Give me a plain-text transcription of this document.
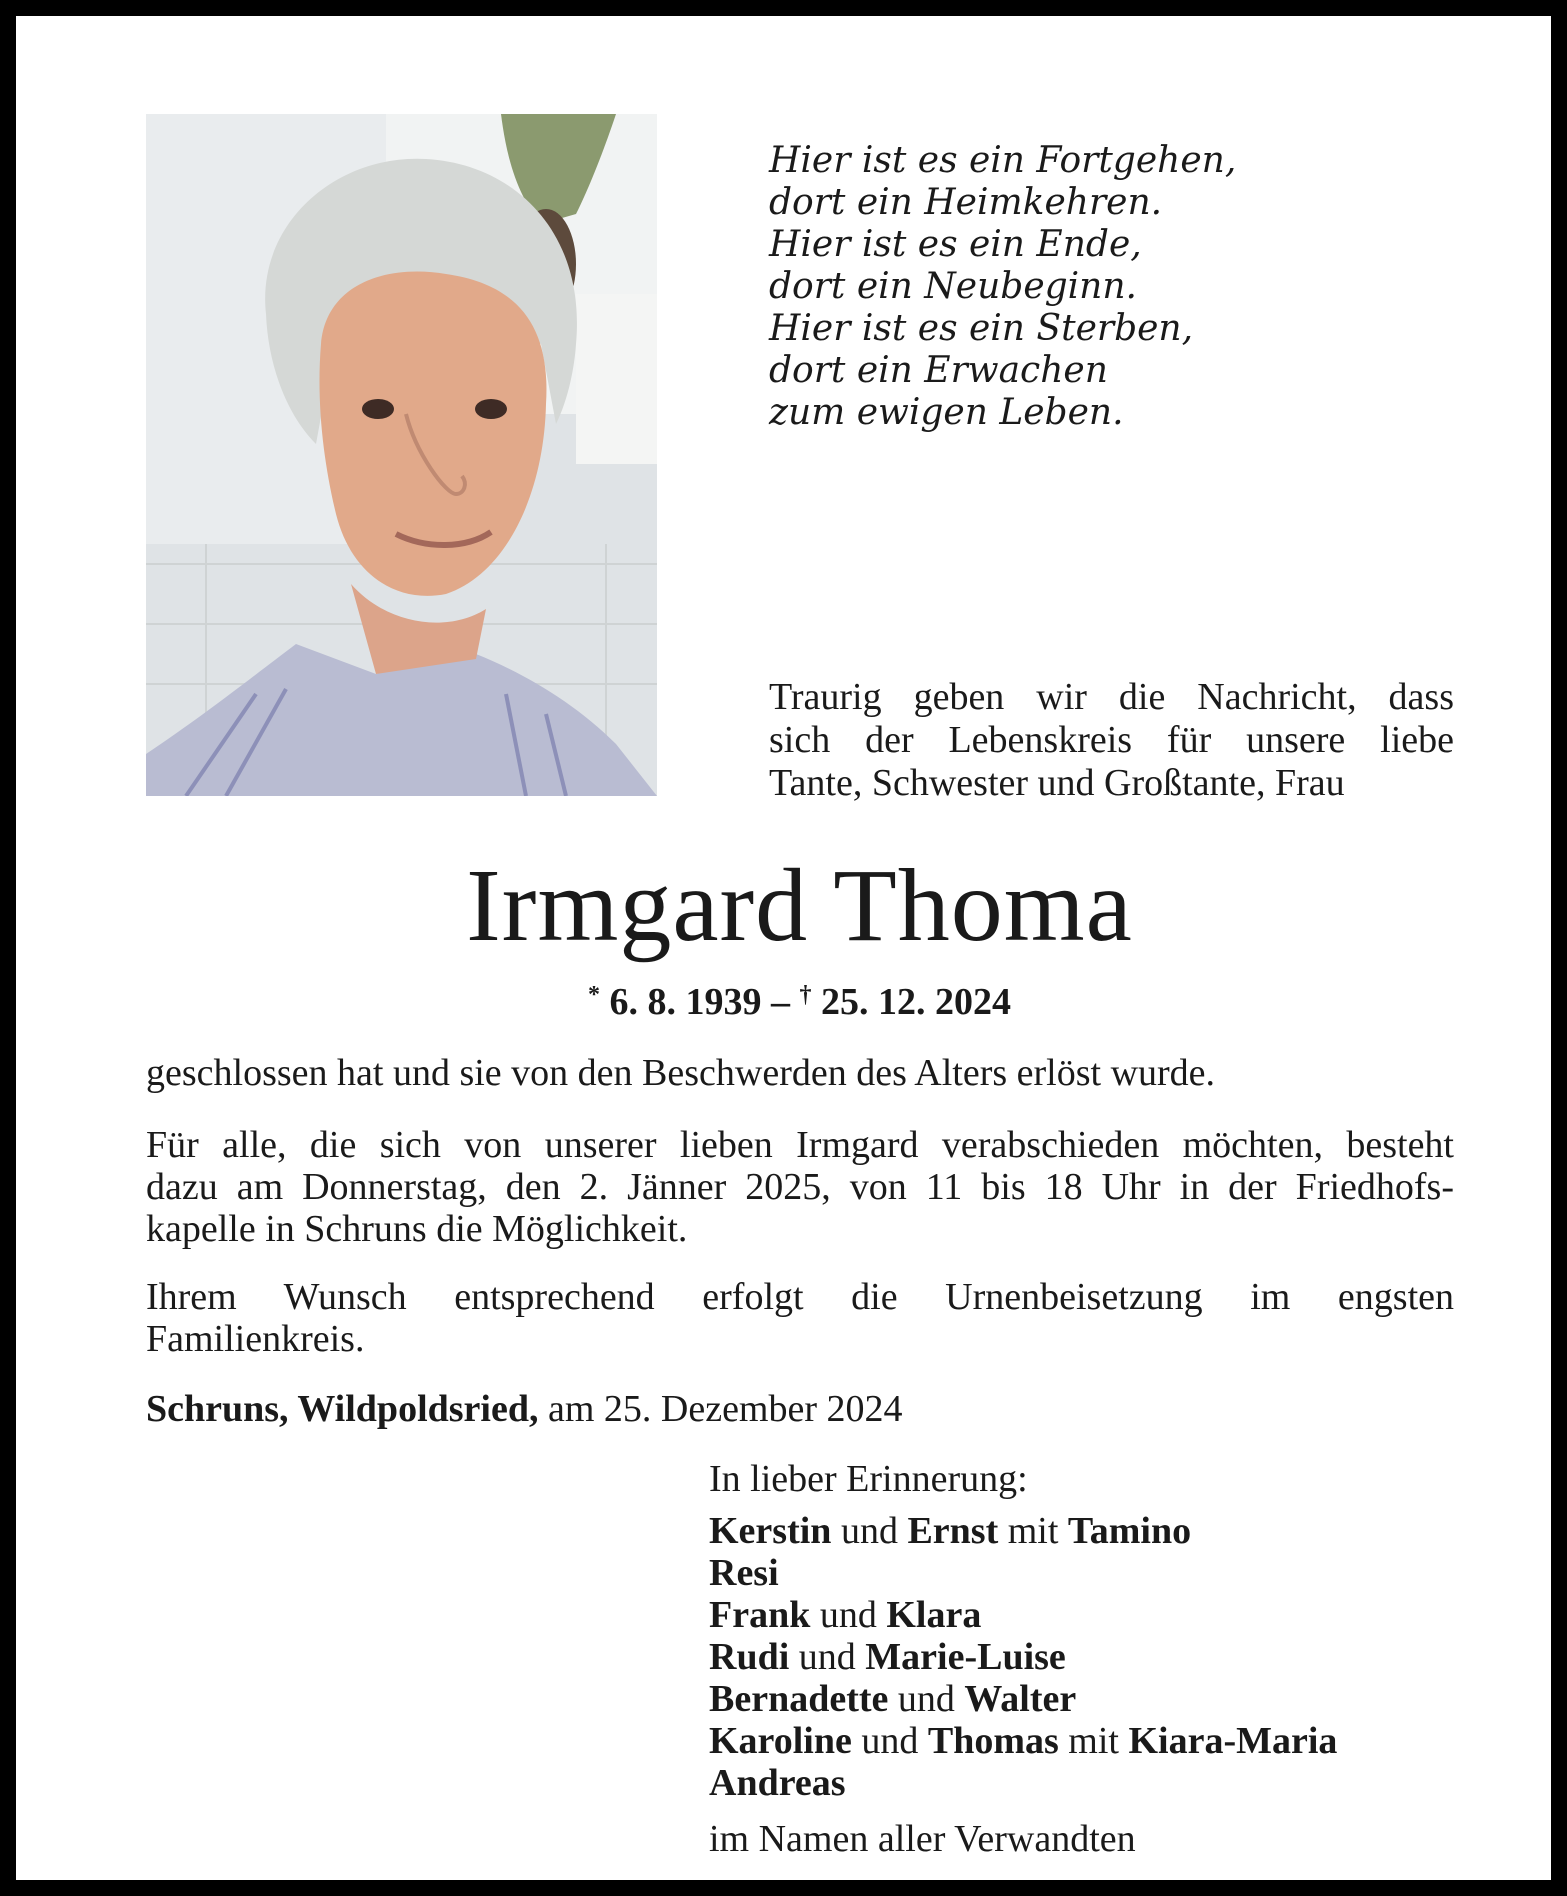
Hier ist es ein Fortgehen,
dort ein Heimkehren.
Hier ist es ein Ende,
dort ein Neubeginn.
Hier ist es ein Sterben,
dort ein Erwachen
zum ewigen Leben.
Traurig geben wir die Nachricht, dass
sich der Lebenskreis für unsere liebe
Tante, Schwester und Großtante, Frau
Irmgard Thoma
* 6. 8. 1939 – † 25. 12. 2024
geschlossen hat und sie von den Beschwerden des Alters erlöst wurde.
Für alle, die sich von unserer lieben Irmgard verabschieden möchten, besteht
dazu am Donnerstag, den 2. Jänner 2025, von 11 bis 18 Uhr in der Friedhofs-
kapelle in Schruns die Möglichkeit.
Ihrem Wunsch entsprechend erfolgt die Urnenbeisetzung im engsten
Familienkreis.
Schruns, Wildpoldsried, am 25. Dezember 2024
In lieber Erinnerung:
Kerstin und Ernst mit Tamino
Resi
Frank und Klara
Rudi und Marie-Luise
Bernadette und Walter
Karoline und Thomas mit Kiara-Maria
Andreas
im Namen aller Verwandten
